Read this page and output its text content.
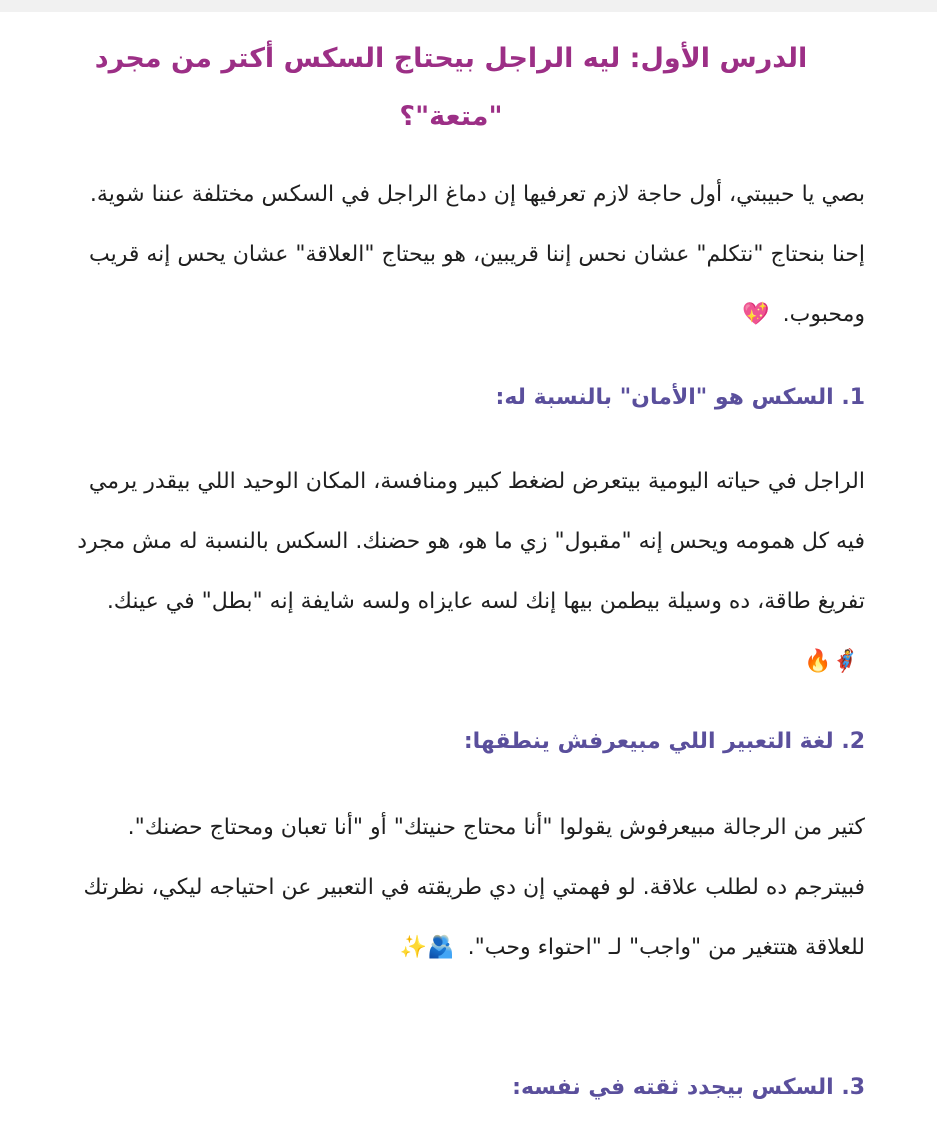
الدرس الأول: ليه الراجل بيحتاج السكس أكتر من مجرد "متعة"؟
بصي يا حبيبتي، أول حاجة لازم تعرفيها إن دماغ الراجل في السكس مختلفة عننا شوية. إحنا بنحتاج "نتكلم" عشان نحس إننا قريبين، هو بيحتاج "العلاقة" عشان يحس إنه قريب ومحبوب. 💖
1. السكس هو "الأمان" بالنسبة له:
الراجل في حياته اليومية بيتعرض لضغط كبير ومنافسة، المكان الوحيد اللي بيقدر يرمي فيه كل همومه ويحس إنه "مقبول" زي ما هو، هو حضنك. السكس بالنسبة له مش مجرد تفريغ طاقة، ده وسيلة بيطمن بيها إنك لسه عايزاه ولسه شايفة إنه "بطل" في عينك. 🦸🔥
2. لغة التعبير اللي مبيعرفش ينطقها:
كتير من الرجالة مبيعرفوش يقولوا "أنا محتاج حنيتك" أو "أنا تعبان ومحتاج حضنك". فبيترجم ده لطلب علاقة. لو فهمتي إن دي طريقته في التعبير عن احتياجه ليكي، نظرتك للعلاقة هتتغير من "واجب" لـ "احتواء وحب". 🫂✨
3. السكس بيجدد ثقته في نفسه:
